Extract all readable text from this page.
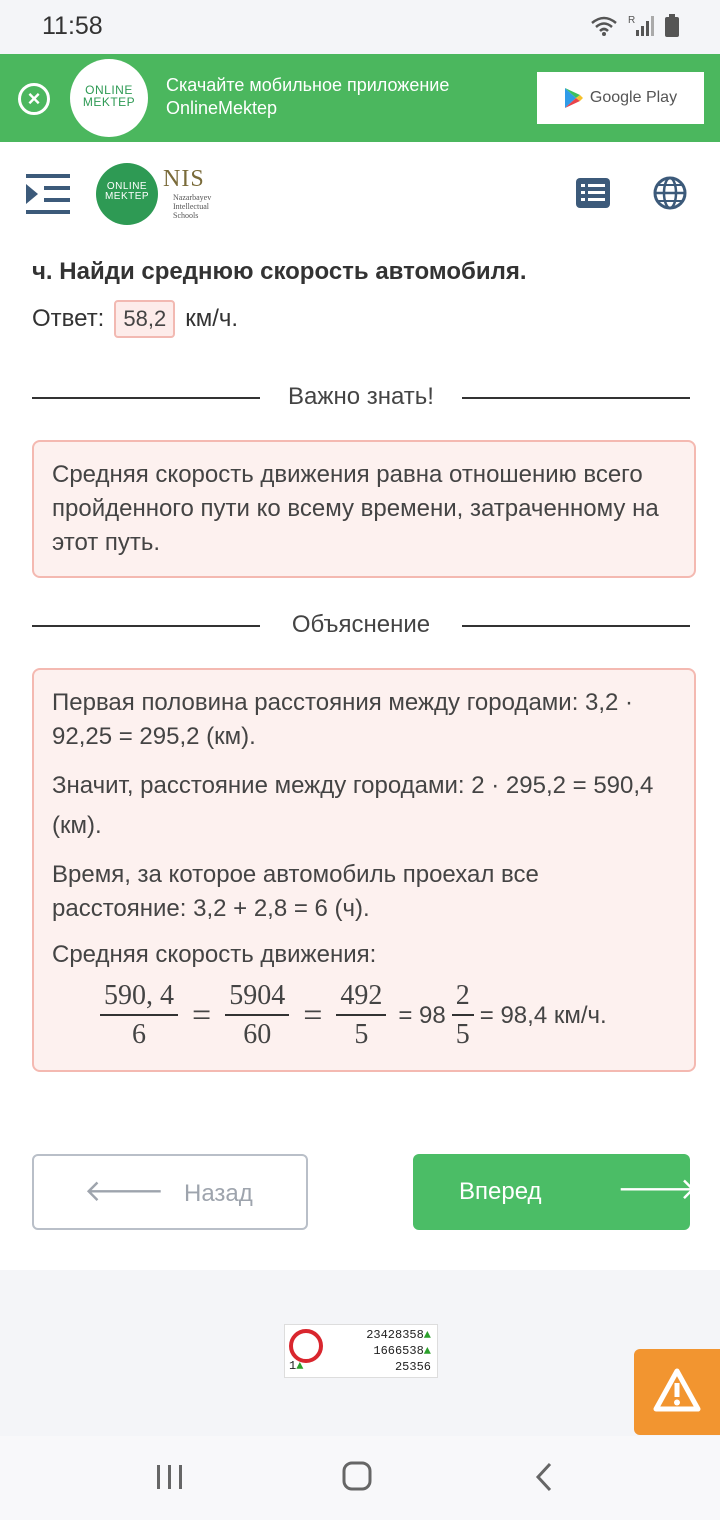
11:58	R
×	ONLINE
MEKTEP
Скачайте мобильное приложение
OnlineMektep
Google Play
ONLINE
MEKTEP
NIS
Nazarbayev
Intellectual
Schools
ч. Найди среднюю скорость автомобиля.
Ответ: 58,2 км/ч.
Важно знать!

Средняя скорость движения равна отношению всего пройденного пути ко всему времени, затраченному на этот путь.

Объяснение

Первая половина расстояния между городами: 3,2 · 92,25 = 295,2 (км).

Значит, расстояние между городами: 2 · 295,2 = 590,4 (км).

Время, за которое автомобиль проехал все расстояние: 3,2 + 2,8 = 6 (ч).

Средняя скорость движения:

$\frac{590, 4}{6} = \frac{5904}{60} = \frac{492}{5} = 98 \frac{2}{5} = 98,4$ км/ч.
🡐 Назад	Вперед	🡒
23428358▲
1666538▲
25356
1▲
